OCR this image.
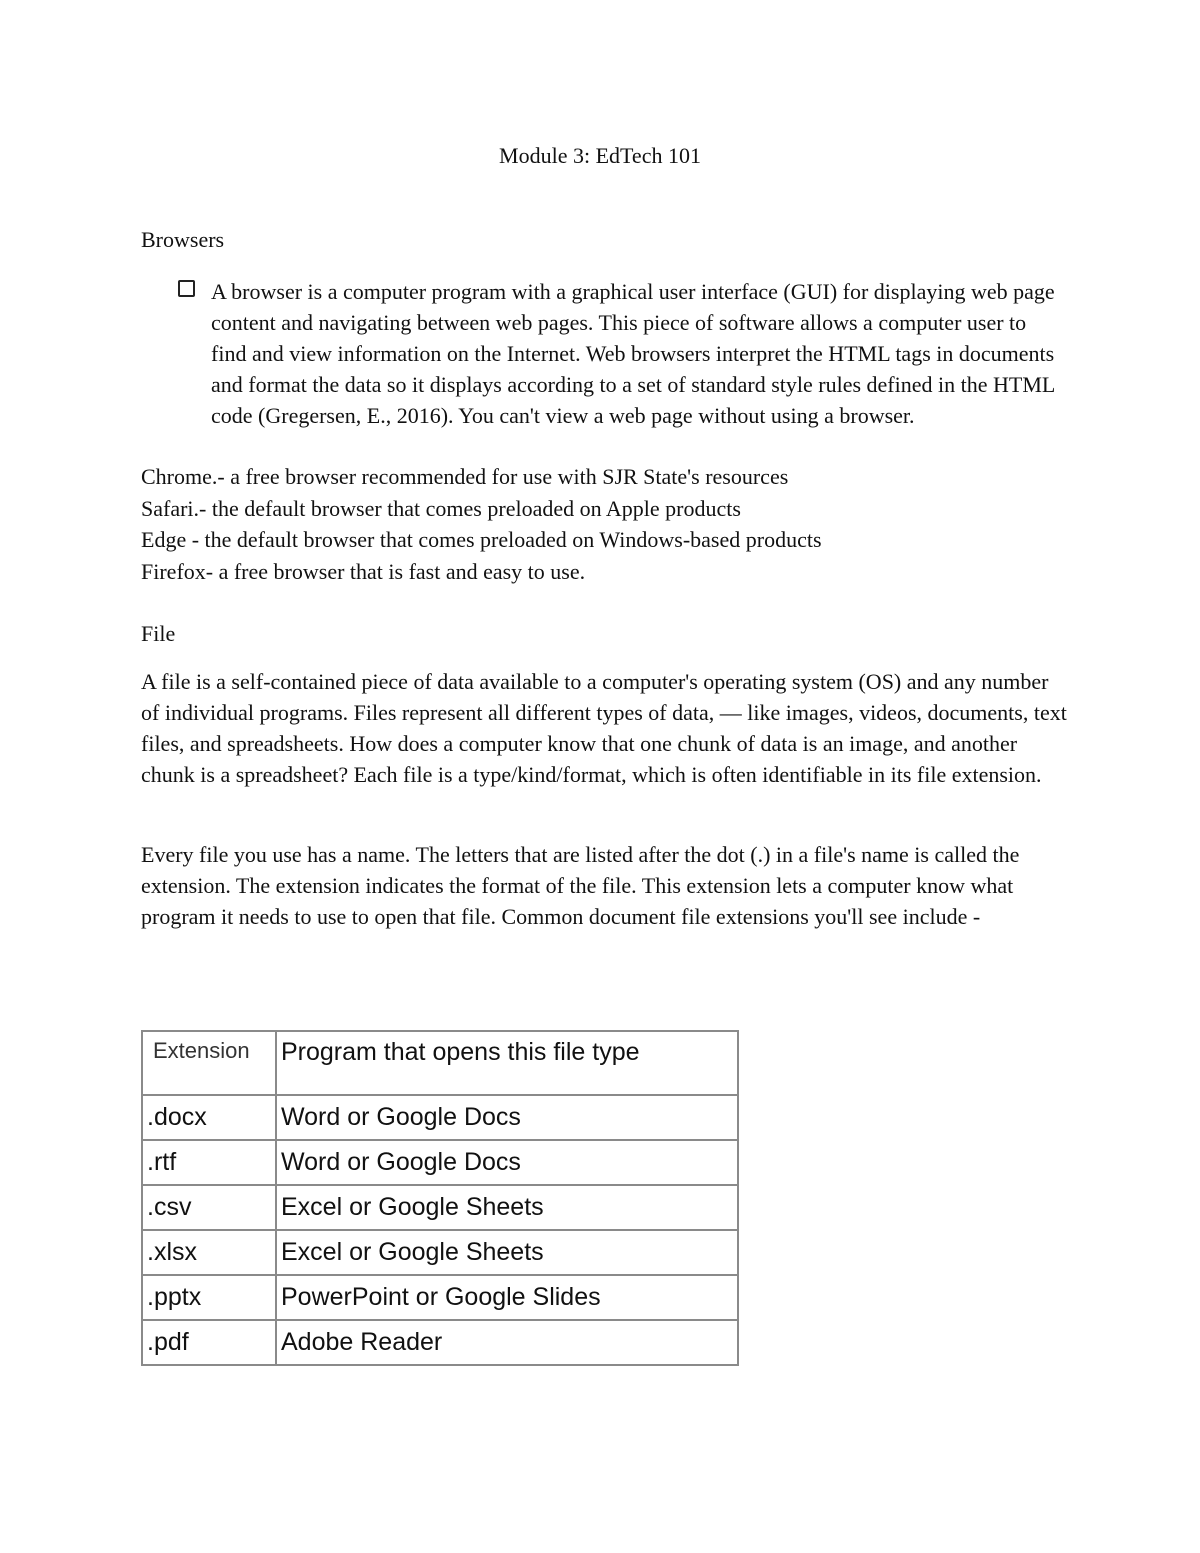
Module 3: EdTech 101
Browsers
A browser is a computer program with a graphical user interface (GUI) for displaying web page content and navigating between web pages. This piece of software allows a computer user to find and view information on the Internet. Web browsers interpret the HTML tags in documents and format the data so it displays according to a set of standard style rules defined in the HTML code (Gregersen, E., 2016). You can't view a web page without using a browser.
Chrome.- a free browser recommended for use with SJR State's resources
Safari.- the default browser that comes preloaded on Apple products
Edge - the default browser that comes preloaded on Windows-based products
Firefox- a free browser that is fast and easy to use.
File
A file is a self-contained piece of data available to a computer's operating system (OS) and any number of individual programs. Files represent all different types of data, — like images, videos, documents, text files, and spreadsheets. How does a computer know that one chunk of data is an image, and another chunk is a spreadsheet? Each file is a type/kind/format, which is often identifiable in its file extension.
Every file you use has a name. The letters that are listed after the dot (.) in a file's name is called the extension. The extension indicates the format of the file. This extension lets a computer know what program it needs to use to open that file. Common document file extensions you'll see include -
Extension	Program that opens this file type
.docx	Word or Google Docs
.rtf	Word or Google Docs
.csv	Excel or Google Sheets
.xlsx	Excel or Google Sheets
.pptx	PowerPoint or Google Slides
.pdf	Adobe Reader
